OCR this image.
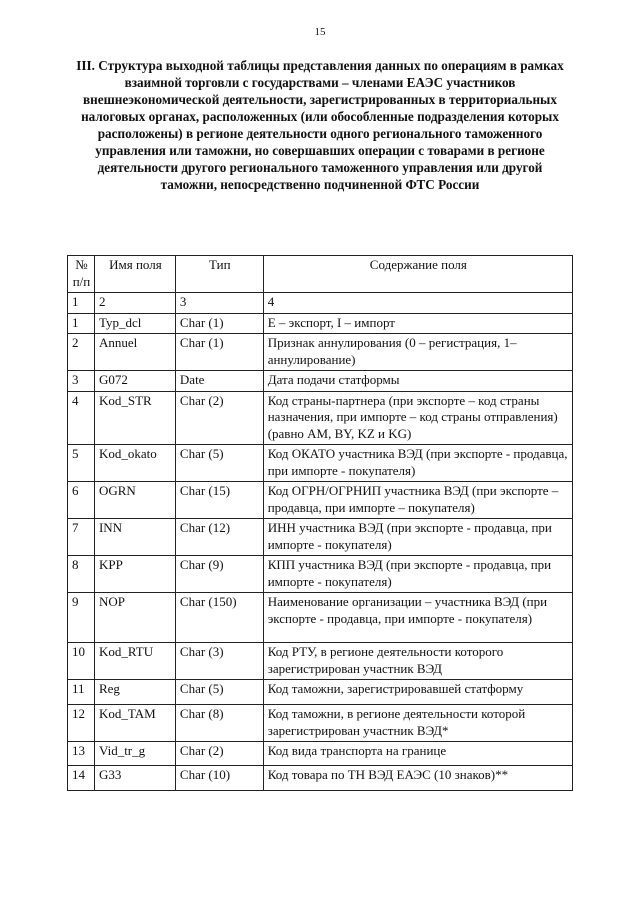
15
III. Структура выходной таблицы представления данных по операциям в рамках взаимной торговли с государствами – членами ЕАЭС участников внешнеэкономической деятельности, зарегистрированных в территориальных налоговых органах, расположенных (или обособленные подразделения которых расположены) в регионе деятельности одного регионального таможенного управления или таможни, но совершавших операции с товарами в регионе деятельности другого регионального таможенного управления или другой таможни, непосредственно подчиненной ФТС России
№ п/п	Имя поля	Тип	Содержание поля
1	2	3	4
1	Typ_dcl	Char (1)	Е – экспорт, I – импорт
2	Annuel	Char (1)	Признак аннулирования (0 – регистрация, 1– аннулирование)
3	G072	Date	Дата подачи статформы
4	Kod_STR	Char (2)	Код страны-партнера (при экспорте – код страны назначения, при импорте – код страны отправления) (равно AM, BY, KZ и KG)
5	Kod_okato	Char (5)	Код ОКАТО участника ВЭД (при экспорте - продавца, при импорте - покупателя)
6	OGRN	Char (15)	Код ОГРН/ОГРНИП участника ВЭД (при экспорте – продавца, при импорте – покупателя)
7	INN	Char (12)	ИНН участника ВЭД (при экспорте - продавца, при импорте - покупателя)
8	KPP	Char (9)	КПП участника ВЭД (при экспорте - продавца, при импорте - покупателя)
9	NOP	Char (150)	Наименование организации – участника ВЭД (при экспорте - продавца, при импорте - покупателя)
10	Kod_RTU	Char (3)	Код РТУ, в регионе деятельности которого зарегистрирован участник ВЭД
11	Reg	Char (5)	Код таможни, зарегистрировавшей статформу
12	Kod_TAM	Char (8)	Код таможни, в регионе деятельности которой зарегистрирован участник ВЭД*
13	Vid_tr_g	Char (2)	Код вида транспорта на границе
14	G33	Char (10)	Код товара по ТН ВЭД ЕАЭС (10 знаков)**
